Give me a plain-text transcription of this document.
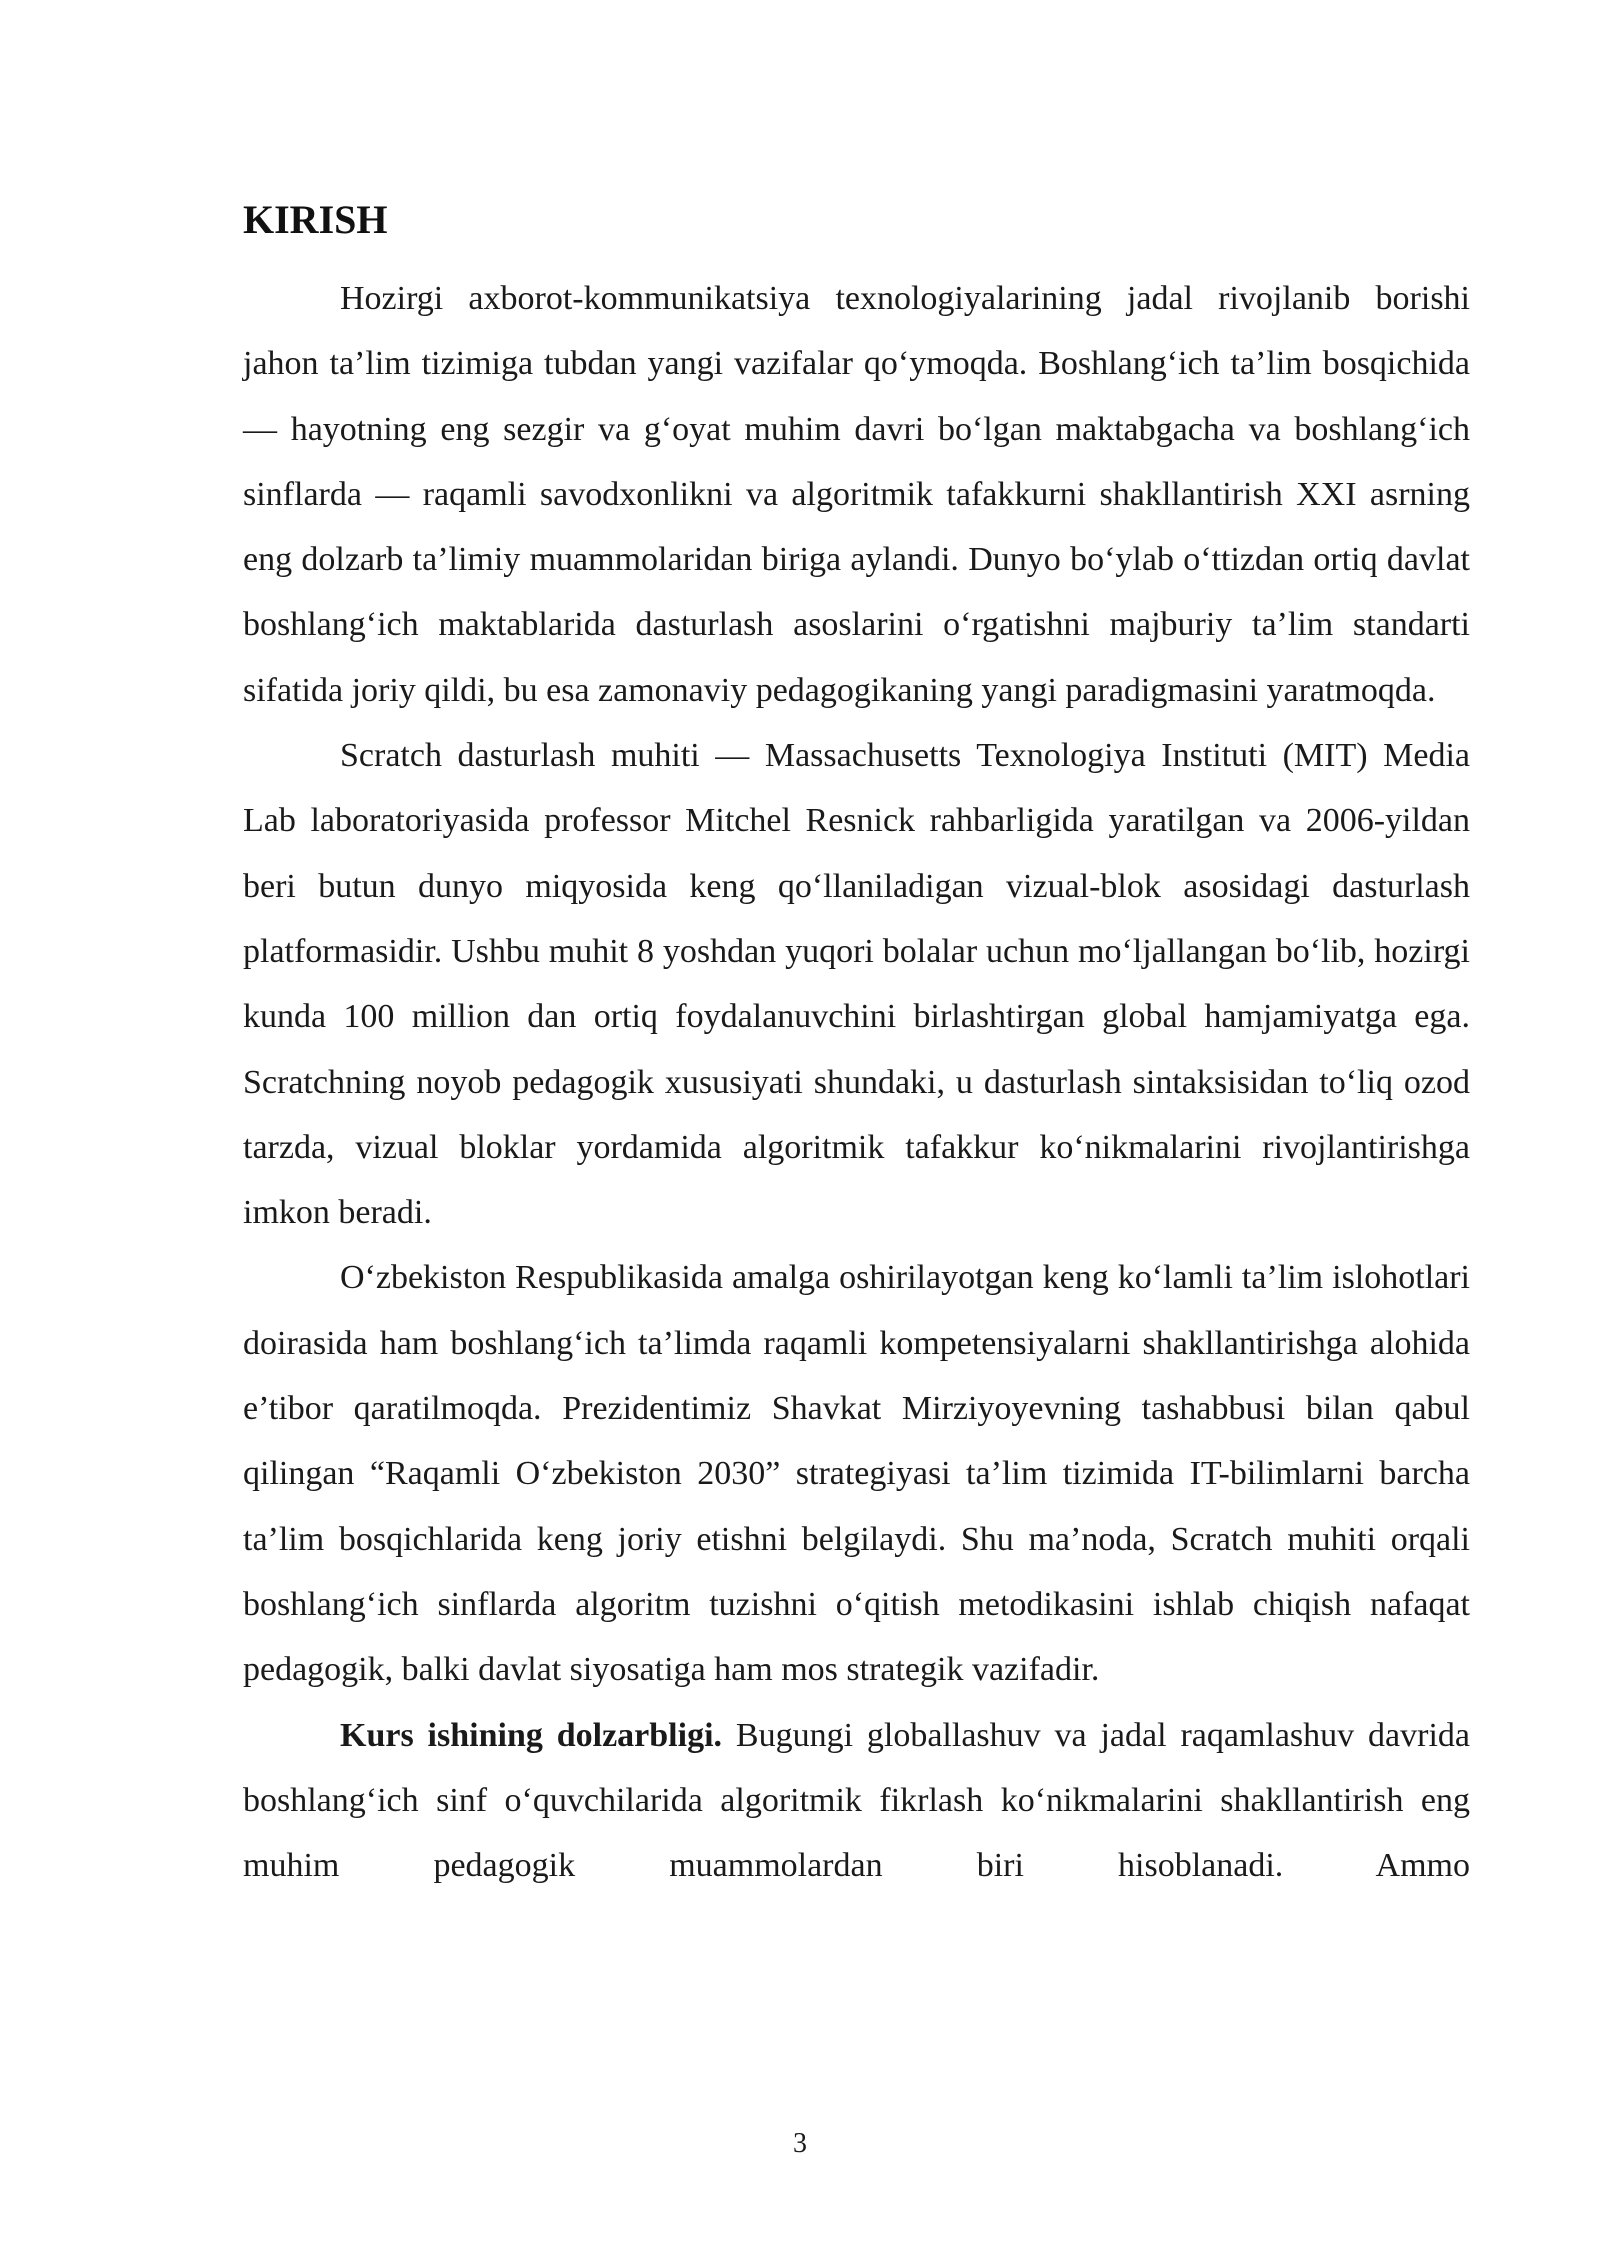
KIRISH

Hozirgi axborot-kommunikatsiya texnologiyalarining jadal rivojlanib borishi jahon ta’lim tizimiga tubdan yangi vazifalar qo‘ymoqda. Boshlang‘ich ta’lim bosqichida — hayotning eng sezgir va g‘oyat muhim davri bo‘lgan maktabgacha va boshlang‘ich sinflarda — raqamli savodxonlikni va algoritmik tafakkurni shakllantirish XXI asrning eng dolzarb ta’limiy muammolaridan biriga aylandi. Dunyo bo‘ylab o‘ttizdan ortiq davlat boshlang‘ich maktablarida dasturlash asoslarini o‘rgatishni majburiy ta’lim standarti sifatida joriy qildi, bu esa zamonaviy pedagogikaning yangi paradigmasini yaratmoqda.

Scratch dasturlash muhiti — Massachusetts Texnologiya Instituti (MIT) Media Lab laboratoriyasida professor Mitchel Resnick rahbarligida yaratilgan va 2006-yildan beri butun dunyo miqyosida keng qo‘llaniladigan vizual-blok asosidagi dasturlash platformasidir. Ushbu muhit 8 yoshdan yuqori bolalar uchun mo‘ljallangan bo‘lib, hozirgi kunda 100 million dan ortiq foydalanuvchini birlashtirgan global hamjamiyatga ega. Scratchning noyob pedagogik xususiyati shundaki, u dasturlash sintaksisidan to‘liq ozod tarzda, vizual bloklar yordamida algoritmik tafakkur ko‘nikmalarini rivojlantirishga imkon beradi.

O‘zbekiston Respublikasida amalga oshirilayotgan keng ko‘lamli ta’lim islohotlari doirasida ham boshlang‘ich ta’limda raqamli kompetensiyalarni shakllantirishga alohida e’tibor qaratilmoqda. Prezidentimiz Shavkat Mirziyoyevning tashabbusi bilan qabul qilingan “Raqamli O‘zbekiston 2030” strategiyasi ta’lim tizimida IT-bilimlarni barcha ta’lim bosqichlarida keng joriy etishni belgilaydi. Shu ma’noda, Scratch muhiti orqali boshlang‘ich sinflarda algoritm tuzishni o‘qitish metodikasini ishlab chiqish nafaqat pedagogik, balki davlat siyosatiga ham mos strategik vazifadir.

Kurs ishining dolzarbligi. Bugungi globallashuv va jadal raqamlashuv davrida boshlang‘ich sinf o‘quvchilarida algoritmik fikrlash ko‘nikmalarini shakllantirish eng muhim pedagogik muammolardan biri hisoblanadi. Ammo

3
